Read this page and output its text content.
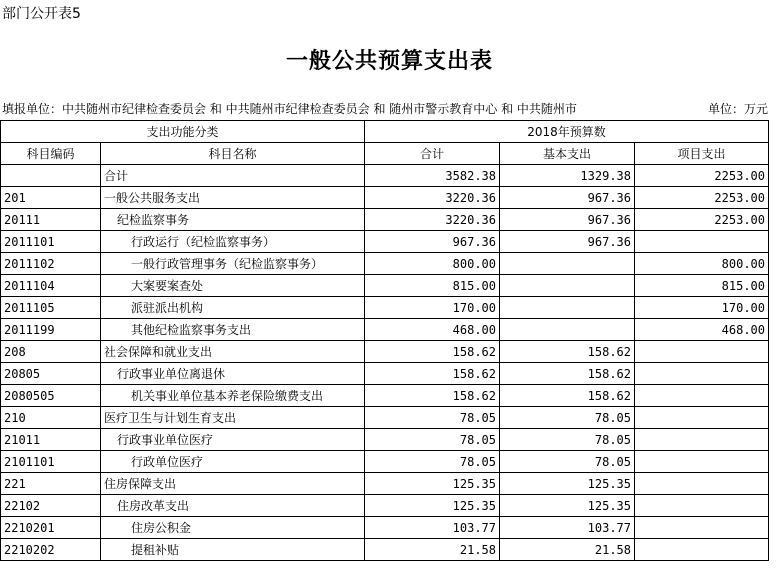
部门公开表5
一般公共预算支出表
填报单位：中共随州市纪律检查委员会 和 中共随州市纪律检查委员会 和 随州市警示教育中心 和 中共随州市	单位：万元
支出功能分类		2018年预算数		
科目编码	科目名称	合计	基本支出	项目支出
	合计	3582.38	1329.38	2253.00
201	一般公共服务支出	3220.36	967.36	2253.00
20111	纪检监察事务	3220.36	967.36	2253.00
2011101	行政运行（纪检监察事务）	967.36	967.36	
2011102	一般行政管理事务（纪检监察事务）	800.00		800.00
2011104	大案要案查处	815.00		815.00
2011105	派驻派出机构	170.00		170.00
2011199	其他纪检监察事务支出	468.00		468.00
208	社会保障和就业支出	158.62	158.62	
20805	行政事业单位离退休	158.62	158.62	
2080505	机关事业单位基本养老保险缴费支出	158.62	158.62	
210	医疗卫生与计划生育支出	78.05	78.05	
21011	行政事业单位医疗	78.05	78.05	
2101101	行政单位医疗	78.05	78.05	
221	住房保障支出	125.35	125.35	
22102	住房改革支出	125.35	125.35	
2210201	住房公积金	103.77	103.77	
2210202	提租补贴	21.58	21.58	
